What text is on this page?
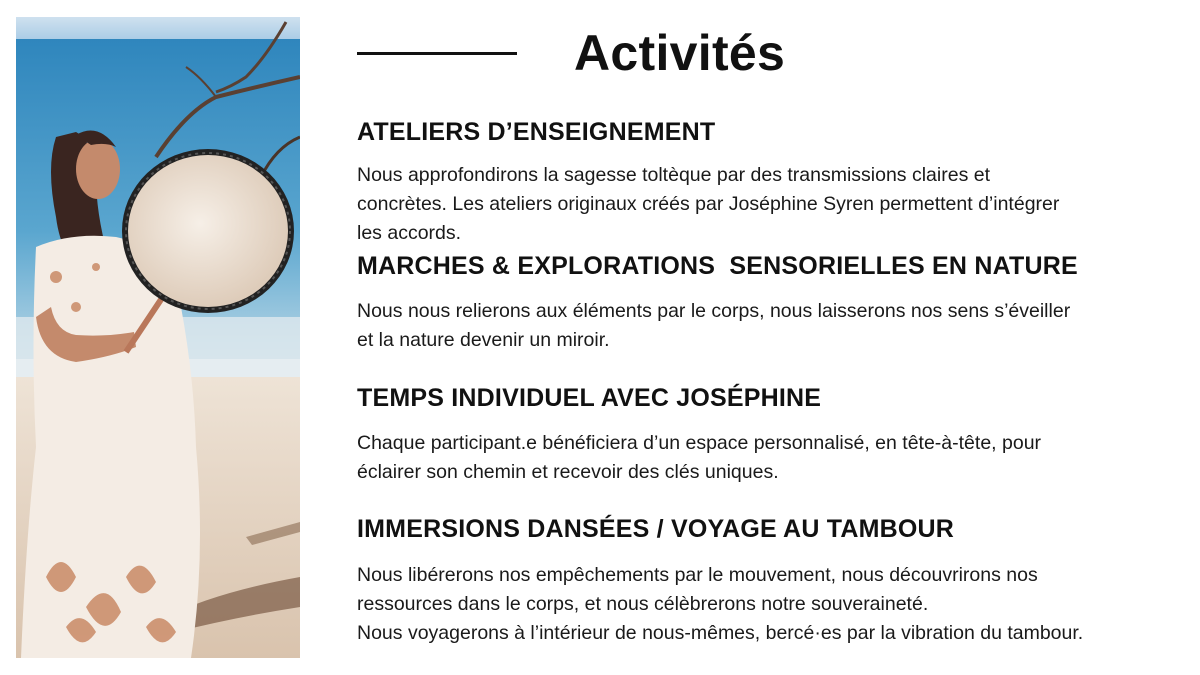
Activités
ATELIERS D’ENSEIGNEMENT

Nous approfondirons la sagesse toltèque par des transmissions claires et
concrètes. Les ateliers originaux créés par Joséphine Syren permettent d’intégrer
les accords.

MARCHES & EXPLORATIONS  SENSORIELLES EN NATURE

Nous nous relierons aux éléments par le corps, nous laisserons nos sens s’éveiller
et la nature devenir un miroir.

TEMPS INDIVIDUEL AVEC JOSÉPHINE

Chaque participant.e bénéficiera d’un espace personnalisé, en tête-à-tête, pour
éclairer son chemin et recevoir des clés uniques.

IMMERSIONS DANSÉES / VOYAGE AU TAMBOUR

Nous libérerons nos empêchements par le mouvement, nous découvrirons nos
ressources dans le corps, et nous célèbrerons notre souveraineté.
Nous voyagerons à l’intérieur de nous-mêmes, bercé·es par la vibration du tambour.
